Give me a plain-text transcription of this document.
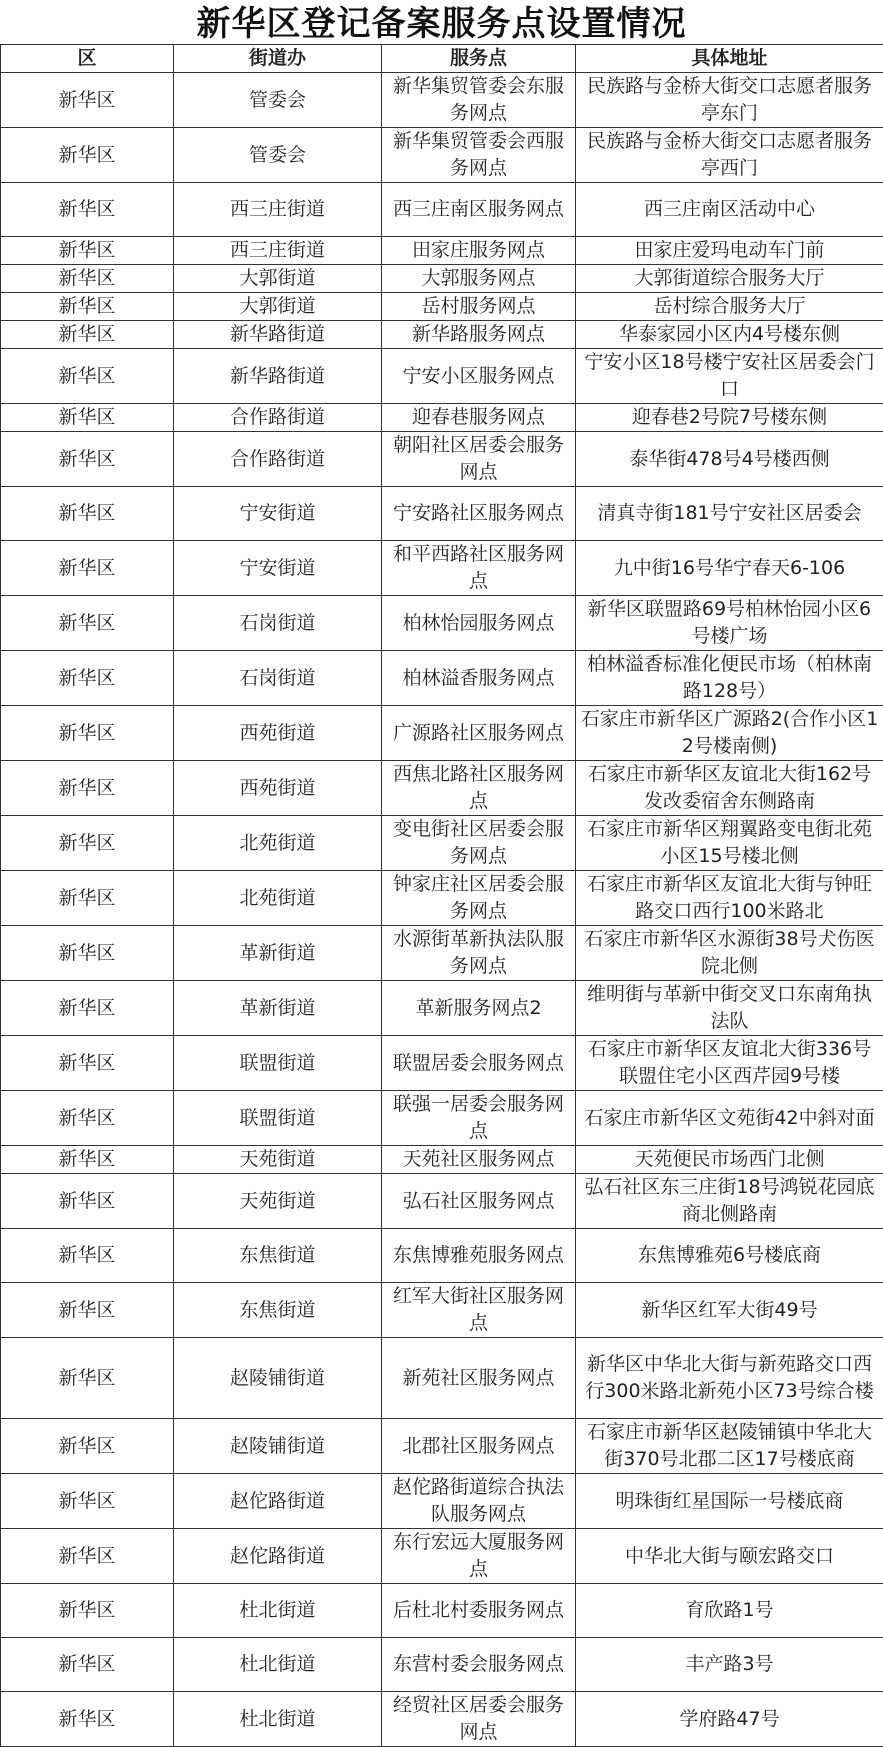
新华区登记备案服务点设置情况
区	街道办	服务点	具体地址
新华区	管委会	新华集贸管委会东服务网点	民族路与金桥大街交口志愿者服务亭东门
新华区	管委会	新华集贸管委会西服务网点	民族路与金桥大街交口志愿者服务亭西门
新华区	西三庄街道	西三庄南区服务网点	西三庄南区活动中心
新华区	西三庄街道	田家庄服务网点	田家庄爱玛电动车门前
新华区	大郭街道	大郭服务网点	大郭街道综合服务大厅
新华区	大郭街道	岳村服务网点	岳村综合服务大厅
新华区	新华路街道	新华路服务网点	华泰家园小区内4号楼东侧
新华区	新华路街道	宁安小区服务网点	宁安小区18号楼宁安社区居委会门口
新华区	合作路街道	迎春巷服务网点	迎春巷2号院7号楼东侧
新华区	合作路街道	朝阳社区居委会服务网点	泰华街478号4号楼西侧
新华区	宁安街道	宁安路社区服务网点	清真寺街181号宁安社区居委会
新华区	宁安街道	和平西路社区服务网点	九中街16号华宁春天6-106
新华区	石岗街道	柏林怡园服务网点	新华区联盟路69号柏林怡园小区6号楼广场
新华区	石岗街道	柏林溢香服务网点	柏林溢香标准化便民市场（柏林南路128号）
新华区	西苑街道	广源路社区服务网点	石家庄市新华区广源路2(合作小区12号楼南侧)
新华区	西苑街道	西焦北路社区服务网点	石家庄市新华区友谊北大街162号发改委宿舍东侧路南
新华区	北苑街道	变电街社区居委会服务网点	石家庄市新华区翔翼路变电街北苑小区15号楼北侧
新华区	北苑街道	钟家庄社区居委会服务网点	石家庄市新华区友谊北大街与钟旺路交口西行100米路北
新华区	革新街道	水源街革新执法队服务网点	石家庄市新华区水源街38号犬伤医院北侧
新华区	革新街道	革新服务网点2	维明街与革新中街交叉口东南角执法队
新华区	联盟街道	联盟居委会服务网点	石家庄市新华区友谊北大街336号联盟住宅小区西芹园9号楼
新华区	联盟街道	联强一居委会服务网点	石家庄市新华区文苑街42中斜对面
新华区	天苑街道	天苑社区服务网点	天苑便民市场西门北侧
新华区	天苑街道	弘石社区服务网点	弘石社区东三庄街18号鸿锐花园底商北侧路南
新华区	东焦街道	东焦博雅苑服务网点	东焦博雅苑6号楼底商
新华区	东焦街道	红军大街社区服务网点	新华区红军大街49号
新华区	赵陵铺街道	新苑社区服务网点	新华区中华北大街与新苑路交口西行300米路北新苑小区73号综合楼
新华区	赵陵铺街道	北郡社区服务网点	石家庄市新华区赵陵铺镇中华北大街370号北郡二区17号楼底商
新华区	赵佗路街道	赵佗路街道综合执法队服务网点	明珠街红星国际一号楼底商
新华区	赵佗路街道	东行宏远大厦服务网点	中华北大街与颐宏路交口
新华区	杜北街道	后杜北村委服务网点	育欣路1号
新华区	杜北街道	东营村委会服务网点	丰产路3号
新华区	杜北街道	经贸社区居委会服务网点	学府路47号
